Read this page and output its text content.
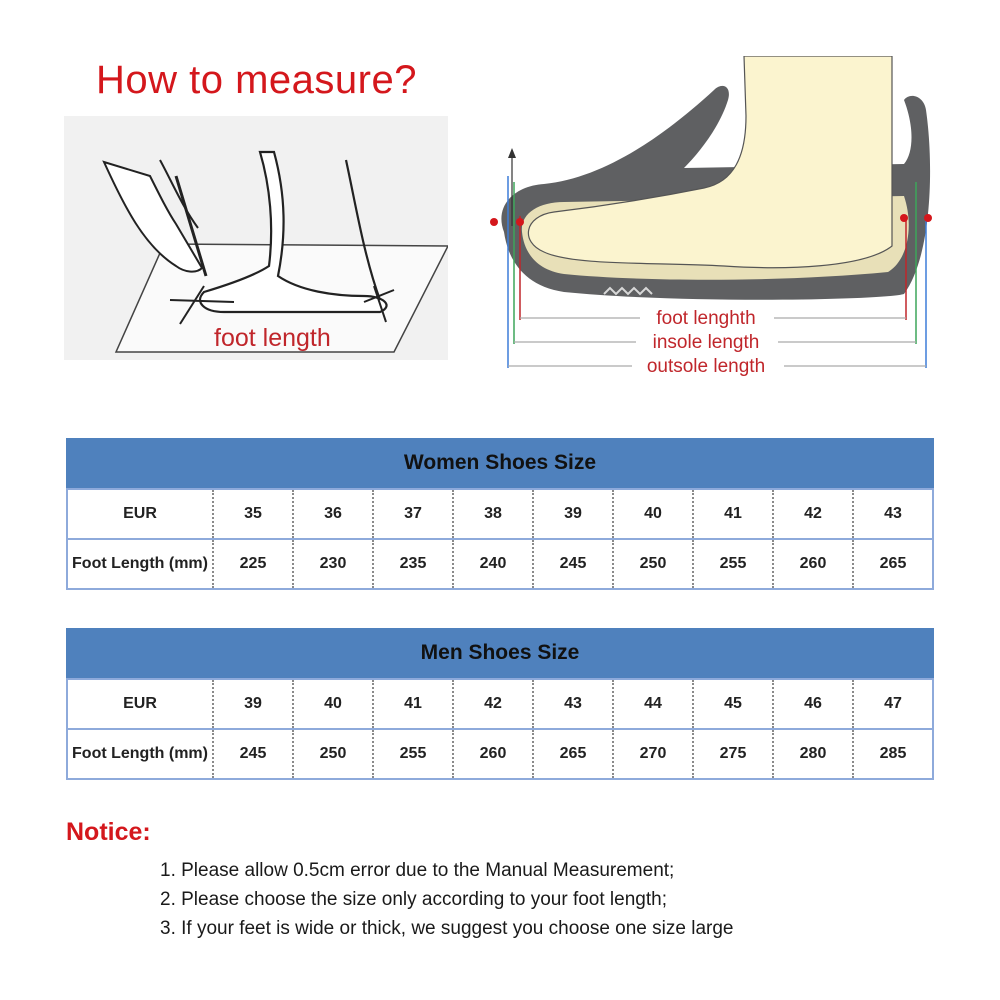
How to measure?
foot length
foot lenghth
insole length
outsole length
Women Shoes Size
EUR	35	36	37	38	39	40	41	42	43
Foot Length (mm)	225	230	235	240	245	250	255	260	265
Men Shoes Size
EUR	39	40	41	42	43	44	45	46	47
Foot Length (mm)	245	250	255	260	265	270	275	280	285
Notice:
1. Please allow 0.5cm error due to the Manual Measurement;
2. Please choose the size only according to your foot length;
3. If your feet is wide or thick, we suggest you choose one size large
